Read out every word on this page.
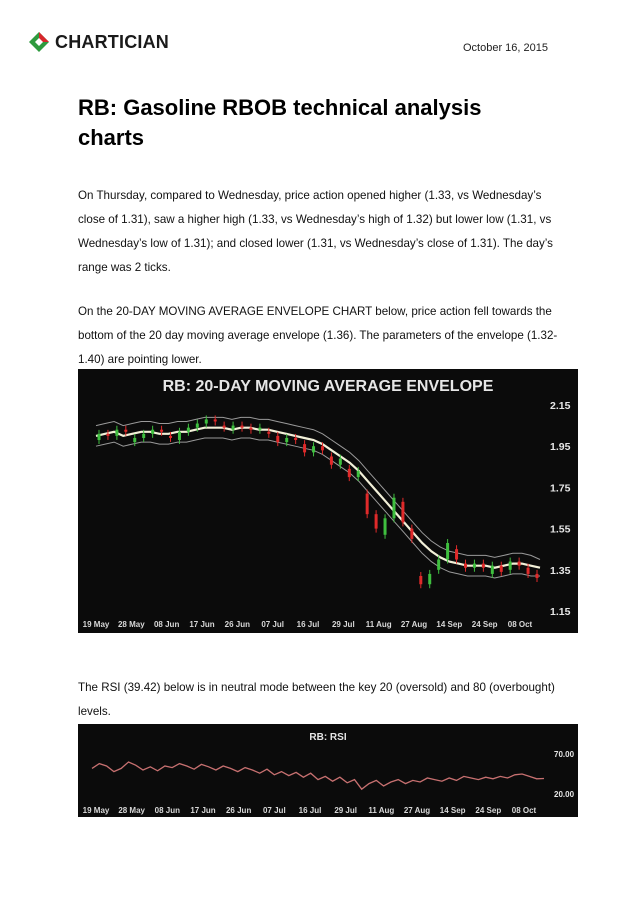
CHARTICIAN	October 16, 2015
RB: Gasoline RBOB technical analysis charts

On Thursday, compared to Wednesday, price action opened higher (1.33, vs Wednesday’s close of 1.31), saw a higher high (1.33, vs Wednesday’s high of 1.32) but lower low (1.31, vs Wednesday’s low of 1.31); and closed lower (1.31, vs Wednesday’s close of 1.31). The day’s range was 2 ticks.

On the 20-DAY MOVING AVERAGE ENVELOPE CHART below, price action fell towards the bottom of the 20 day moving average envelope (1.36). The parameters of the envelope (1.32-1.40) are pointing lower.

RB: 20-DAY MOVING AVERAGE ENVELOPE
2.15
1.95
1.75
1.55
1.35
1.15
19 May 28 May 08 Jun 17 Jun 26 Jun 07 Jul 16 Jul 29 Jul 11 Aug 27 Aug 14 Sep 24 Sep 08 Oct

The RSI (39.42) below is in neutral mode between the key 20 (oversold) and 80 (overbought) levels.

RB: RSI
70.00
20.00
19 May 28 May 08 Jun 17 Jun 26 Jun 07 Jul 16 Jul 29 Jul 11 Aug 27 Aug 14 Sep 24 Sep 08 Oct
